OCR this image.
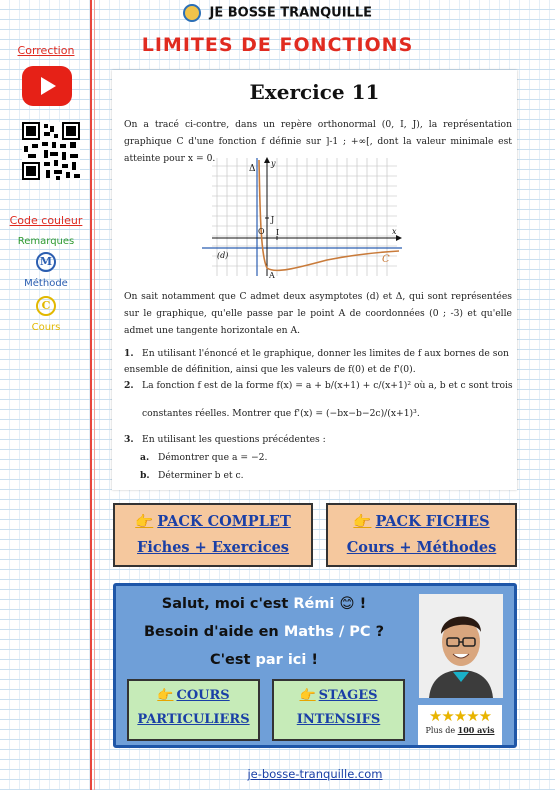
JE BOSSE TRANQUILLE
LIMITES DE FONCTIONS
Correction
Code couleur
Remarques
M
Méthode
C
Cours
Exercice 11
On a tracé ci-contre, dans un repère orthonormal (0, I, J), la représentation graphique C d'une fonction f définie sur ]-1 ; +∞[, dont la valeur minimale est atteinte pour x = 0.
Δ
y
J
O I	x
(d)
A
C
On sait notamment que C admet deux asymptotes (d) et Δ, qui sont représentées sur le graphique, qu'elle passe par le point A de coordonnées (0 ; -3) et qu'elle admet une tangente horizontale en A.
1. En utilisant l'énoncé et le graphique, donner les limites de f aux bornes de son ensemble de définition, ainsi que les valeurs de f(0) et de f'(0).
2. La fonction f est de la forme f(x) = a + b/(x+1) + c/(x+1)² où a, b et c sont trois
constantes réelles. Montrer que f'(x) = (−bx−b−2c)/(x+1)³.
3. En utilisant les questions précédentes :
a. Démontrer que a = −2.
b. Déterminer b et c.
👉 PACK COMPLET
Fiches + Exercices
👉 PACK FICHES
Cours + Méthodes
Salut, moi c'est Rémi 😊 !
Besoin d'aide en Maths / PC ?
C'est par ici !
👉 COURS
PARTICULIERS
👉 STAGES
INTENSIFS	★★★★★
Plus de 100 avis
je-bosse-tranquille.com
